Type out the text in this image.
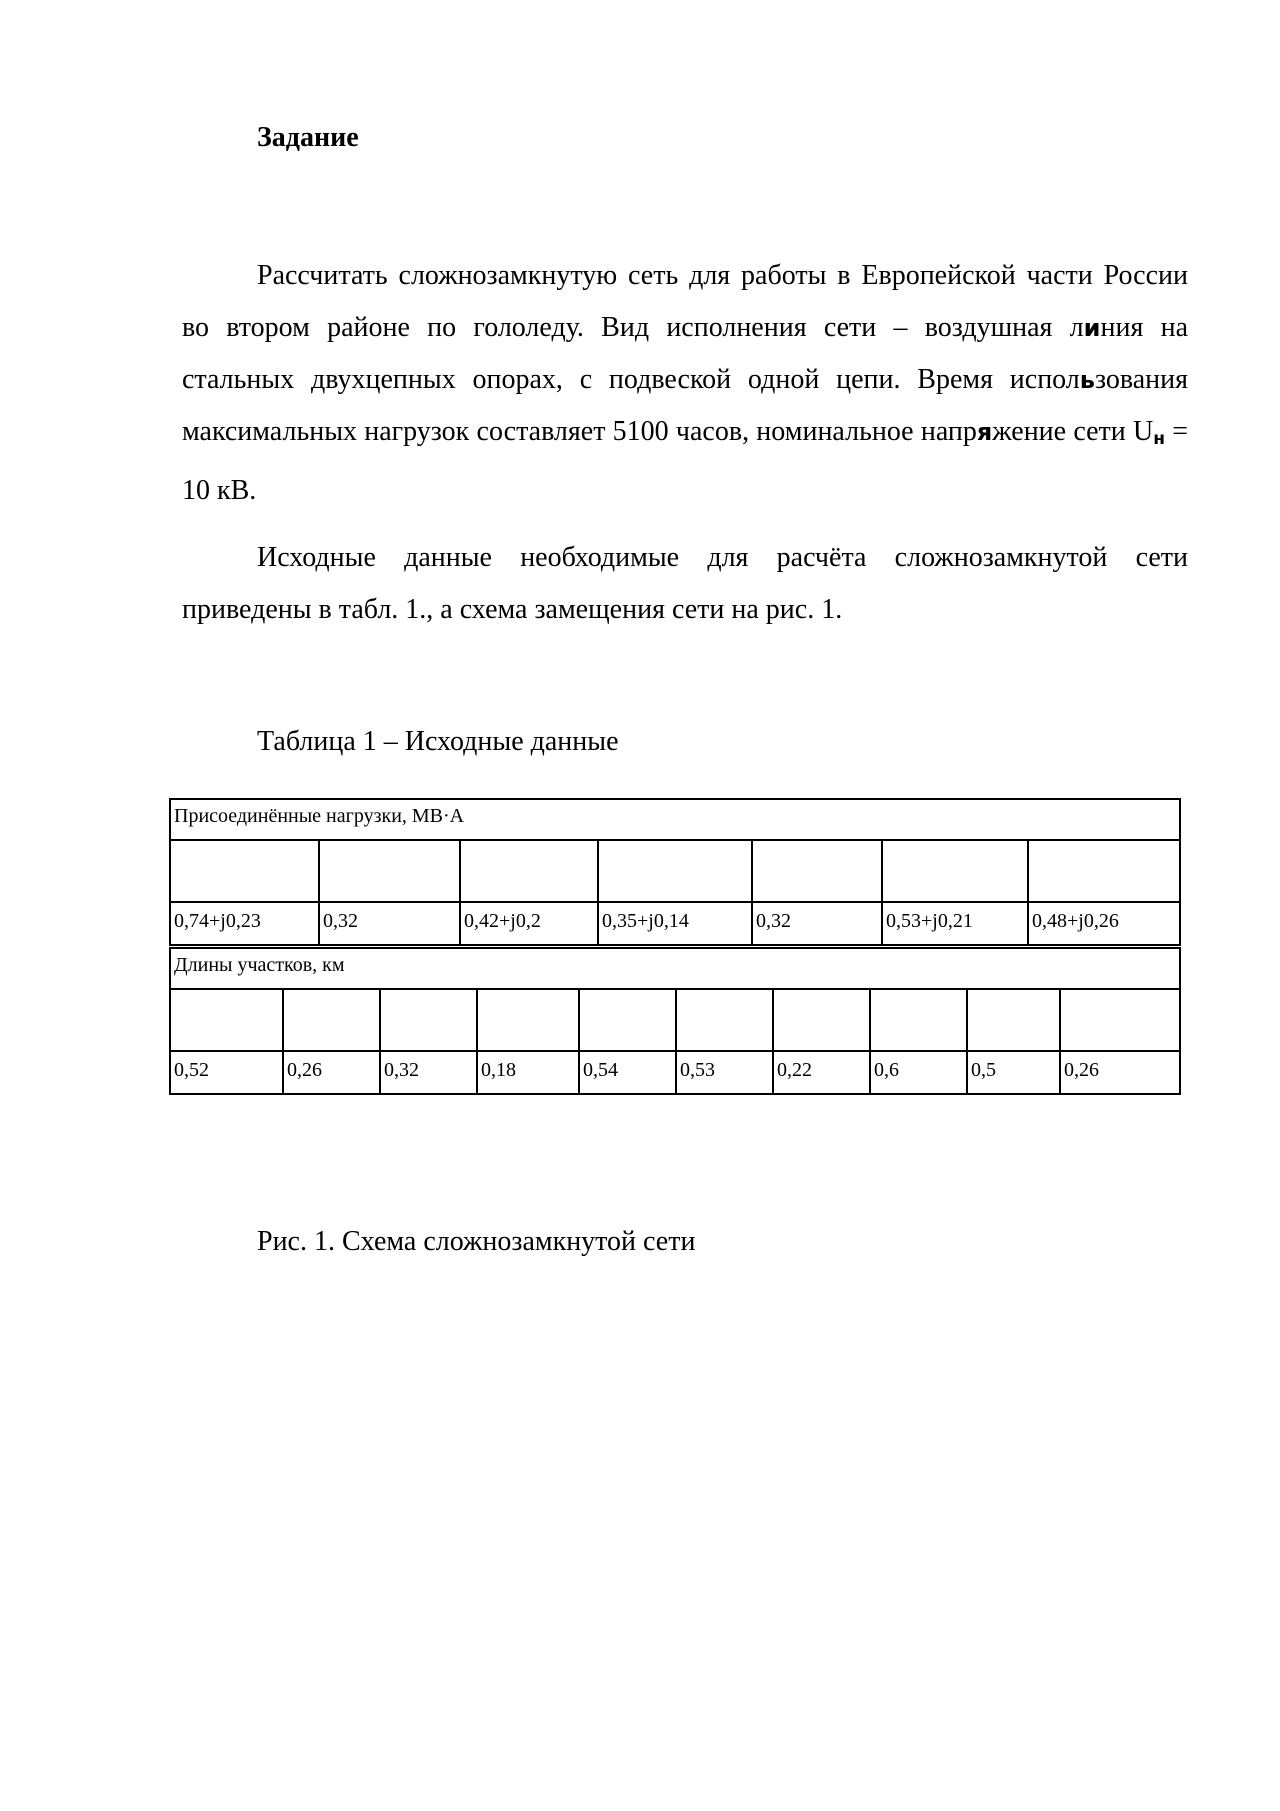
Задание

Рассчитать сложнозамкнутую сеть для работы в Европейской части России во втором районе по гололеду. Вид исполнения сети – воздушная линия на стальных двухцепных опорах, с подвеской одной цепи. Время использования максимальных нагрузок составляет 5100 часов, номинальное напряжение сети $U_н = 10$ кВ.

Исходные данные необходимые для расчёта сложнозамкнутой сети приведены в табл. 1., а схема замещения сети на рис. 1.

Таблица 1 – Исходные данные

Присоединённые нагрузки, МВ·А						

0,74+j0,23	0,32	0,42+j0,2	0,35+j0,14	0,32	0,53+j0,21	0,48+j0,26
Длины участков, км									

0,52	0,26	0,32	0,18	0,54	0,53	0,22	0,6	0,5	0,26

Рис. 1. Схема сложнозамкнутой сети
